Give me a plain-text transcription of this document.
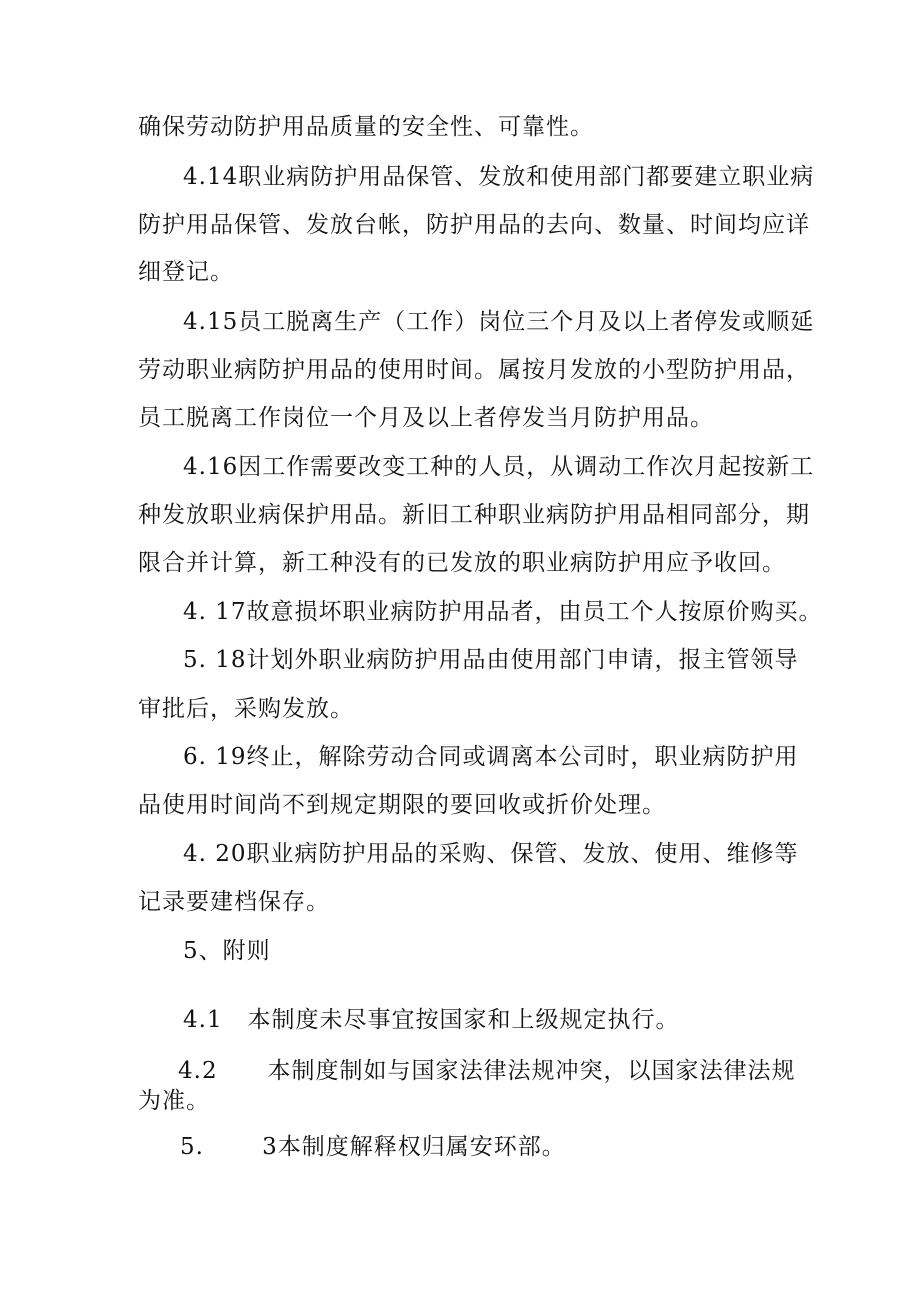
确保劳动防护用品质量的安全性、可靠性。
4.14职业病防护用品保管、发放和使用部门都要建立职业病
防护用品保管、发放台帐，防护用品的去向、数量、时间均应详
细登记。
4.15员工脱离生产（工作）岗位三个月及以上者停发或顺延
劳动职业病防护用品的使用时间。属按月发放的小型防护用品，
员工脱离工作岗位一个月及以上者停发当月防护用品。
4.16因工作需要改变工种的人员，从调动工作次月起按新工
种发放职业病保护用品。新旧工种职业病防护用品相同部分，期
限合并计算，新工种没有的已发放的职业病防护用应予收回。
4. 17故意损坏职业病防护用品者，由员工个人按原价购买。
5. 18计划外职业病防护用品由使用部门申请，报主管领导
审批后，采购发放。
6. 19终止，解除劳动合同或调离本公司时，职业病防护用
品使用时间尚不到规定期限的要回收或折价处理。
4. 20职业病防护用品的采购、保管、发放、使用、维修等
记录要建档保存。
5、附则
4.1   本制度未尽事宜按国家和上级规定执行。
4.2      本制度制如与国家法律法规冲突，以国家法律法规
为准。
5.       3本制度解释权归属安环部。
